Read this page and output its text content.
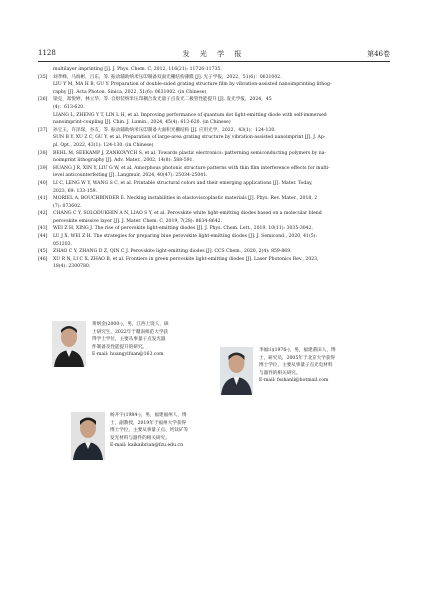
1128	发 光 学 报	第46卷
multilayer imprinting [J]. J. Phys. Chem. C, 2012, 116(21): 11726-11735.
[35] 刘孝峰，马海彬，吕东，等. 振动辅助纳米压印制备双面光栅结构薄膜 [J]. 光子学报，2022，51(6)：0631002.
LIU Y M, MA H B, GU Y. Preparation of double-sided grating structure film by vibration-assisted nanoimprinting lithog-
raphy [J]. Acta Photon. Sinica, 2022, 51(6): 0631002. (in Chinese)
[36] 梁克，郑悦婷，林立华，等. 自组装纳米压印耦合发光量子点发光二极管性能提升 [J]. 发光学报，2024，45
(4)：613-620.
LIANG L, ZHENG Y T, LIN L H, et al. Improving performance of quantum dot light-emitting diode with self-immersed
nanoimprint-coupling [J]. Chin. J. Lumin., 2024, 45(4): 613-620. (in Chinese)
[37] 孙宝玉，许泽琛，谷友，等. 振动辅助纳米压印制备大面积光栅结构 [J]. 应用光学，2022，43(1)：124-130.
SUN B Y, XU Z C, GU Y, et al. Preparation of large-area grating structure by vibration-assisted nanoimprint [J]. J. Ap-
pl. Opt., 2022, 43(1): 124-130. (in Chinese)
[38] BEHL M, SEEKAMP J, ZANKOVYCH S, et al. Towards plastic electronics: patterning semiconducting polymers by na-
noimprint lithography [J]. Adv. Mater., 2002, 14(8): 588-591.
[39] HUANG J R, XIN Y, LIU G W, et al. Amorphous photonic structure patterns with thin film interference effects for multi-
level anticounterfeiting [J]. Langmuir, 2024, 40(47): 25034-25041.
[40] LI C, LENG W Y, WANG S C, et al. Printable structural colors and their emerging applications [J]. Mater. Today,
2023, 69: 133-159.
[41] MORIEL A, BOUCHBINDER E. Necking instabilities in elastoviscoplastic materials [J]. Phys. Rev. Mater., 2018, 2
(7): 073602.
[42] CHANG C Y, SOLODUKHIN A N, LIAO S Y, et al. Perovskite white light-emitting diodes based on a molecular blend
perovskite emissive layer [J]. J. Mater. Chem. C, 2019, 7(28): 8634-8642.
[43] WEI Z H, XING J. The rise of perovskite light-emitting diodes [J]. J. Phys. Chem. Lett., 2019, 10(11): 3035-3042.
[44] LU J X, WEI Z H. The strategies for preparing blue perovskite light-emitting diodes [J]. J. Semicond., 2020, 41(5):
051203.
[45] ZHAO C Y, ZHANG D Z, QIN C J. Perovskite light-emitting diodes [J]. CCS Chem., 2020, 2(4): 859-869.
[46] XU R N, LI C X, ZHAO B, et al. Frontiers in green perovskite light-emitting diodes [J]. Laser Photonics Rev., 2023,
18(4): 2300780.
黄炳金(2000-)，男，江西上饶人，硕
士研究生，2022年于赣南师范大学获
得学士学位，主要从事量子点发光器
件制备及性能提升的研究。
E-mail: huangyifuan@163.com
李福山(1976-)，男，福建莆田人，博
士，研究员，2005年于北京大学获得
博士学位，主要从事量子点光电材料
与器件的相关研究。
E-mail: fsshanli@hotmail.com
杨开宇(1984-)，男，福建福州人，博
士，副教授，2019年于福州大学获得
博士学位，主要从事量子点、钙钛矿等
发光材料与器件的相关研究。
E-mail: kaikaibrian@fzu.edu.cn
